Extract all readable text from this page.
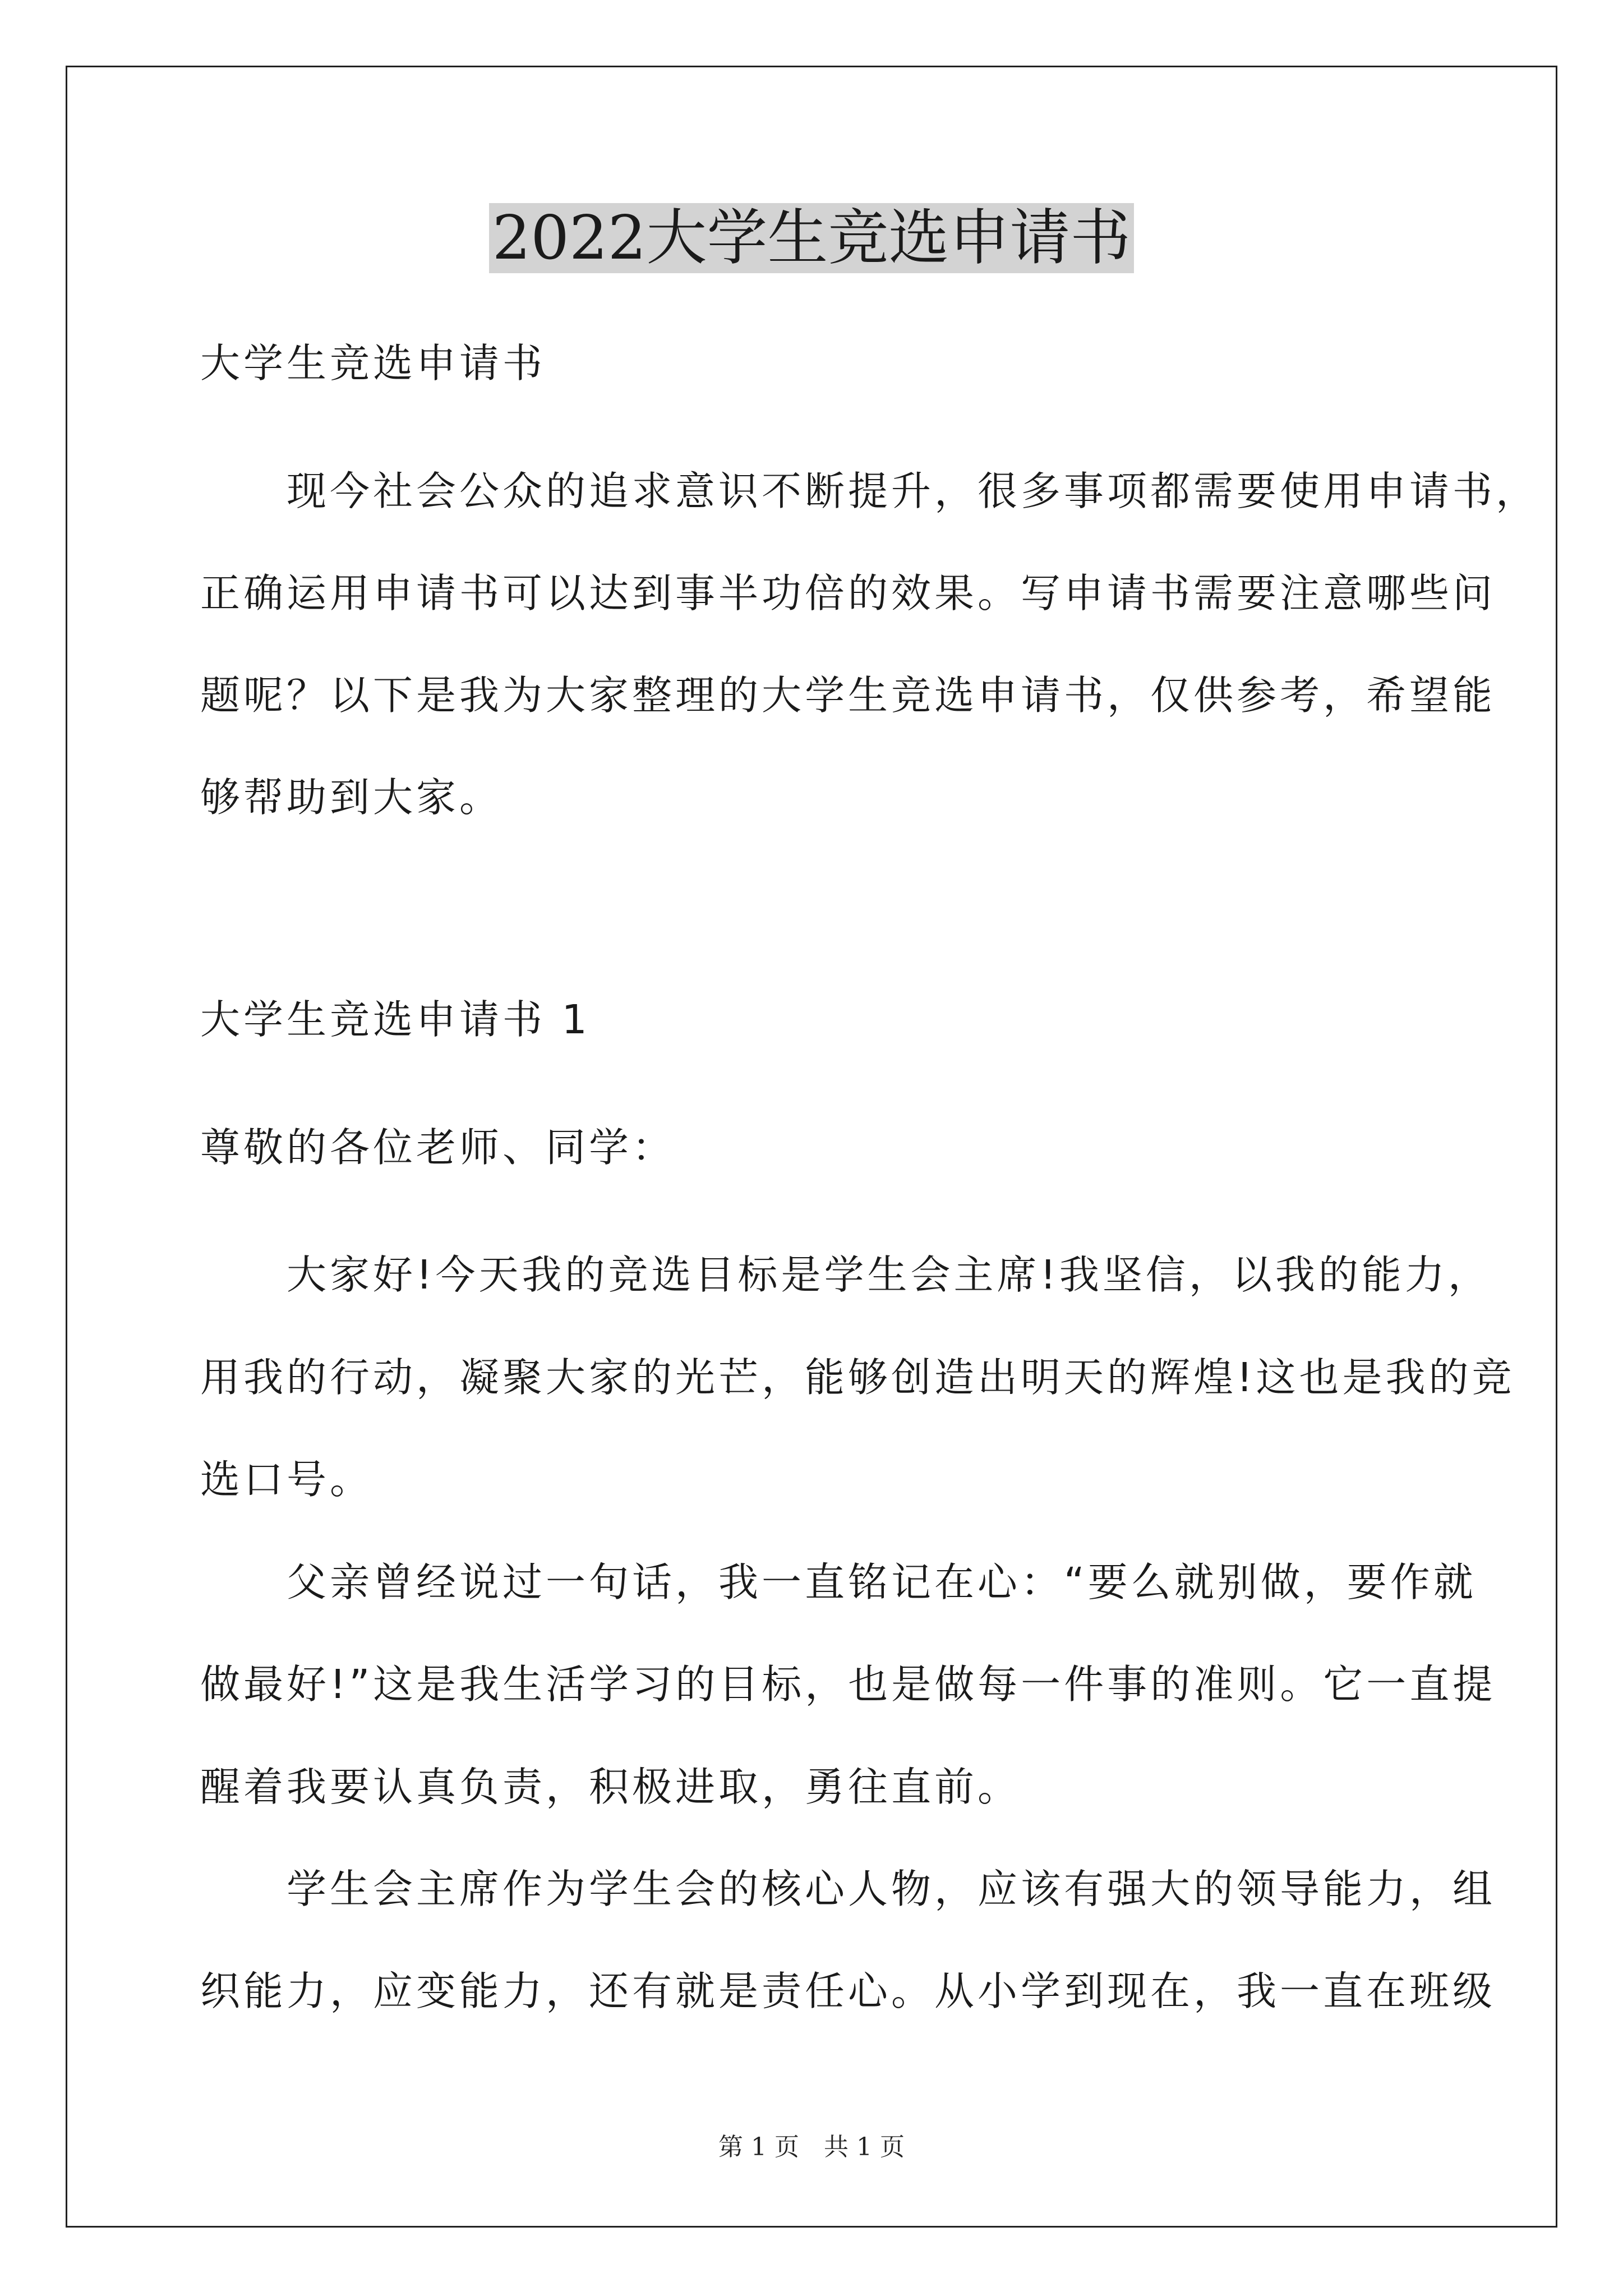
2022大学生竞选申请书
大学生竞选申请书
　　现今社会公众的追求意识不断提升，很多事项都需要使用申请书，
正确运用申请书可以达到事半功倍的效果。写申请书需要注意哪些问
题呢？以下是我为大家整理的大学生竞选申请书，仅供参考，希望能
够帮助到大家。
大学生竞选申请书 1
尊敬的各位老师、同学：
　　大家好!今天我的竞选目标是学生会主席!我坚信，以我的能力，
用我的行动，凝聚大家的光芒，能够创造出明天的辉煌!这也是我的竞
选口号。
　　父亲曾经说过一句话，我一直铭记在心：“要么就别做，要作就
做最好!”这是我生活学习的目标，也是做每一件事的准则。它一直提
醒着我要认真负责，积极进取，勇往直前。
　　学生会主席作为学生会的核心人物，应该有强大的领导能力，组
织能力，应变能力，还有就是责任心。从小学到现在，我一直在班级
第 1 页　共 1 页
